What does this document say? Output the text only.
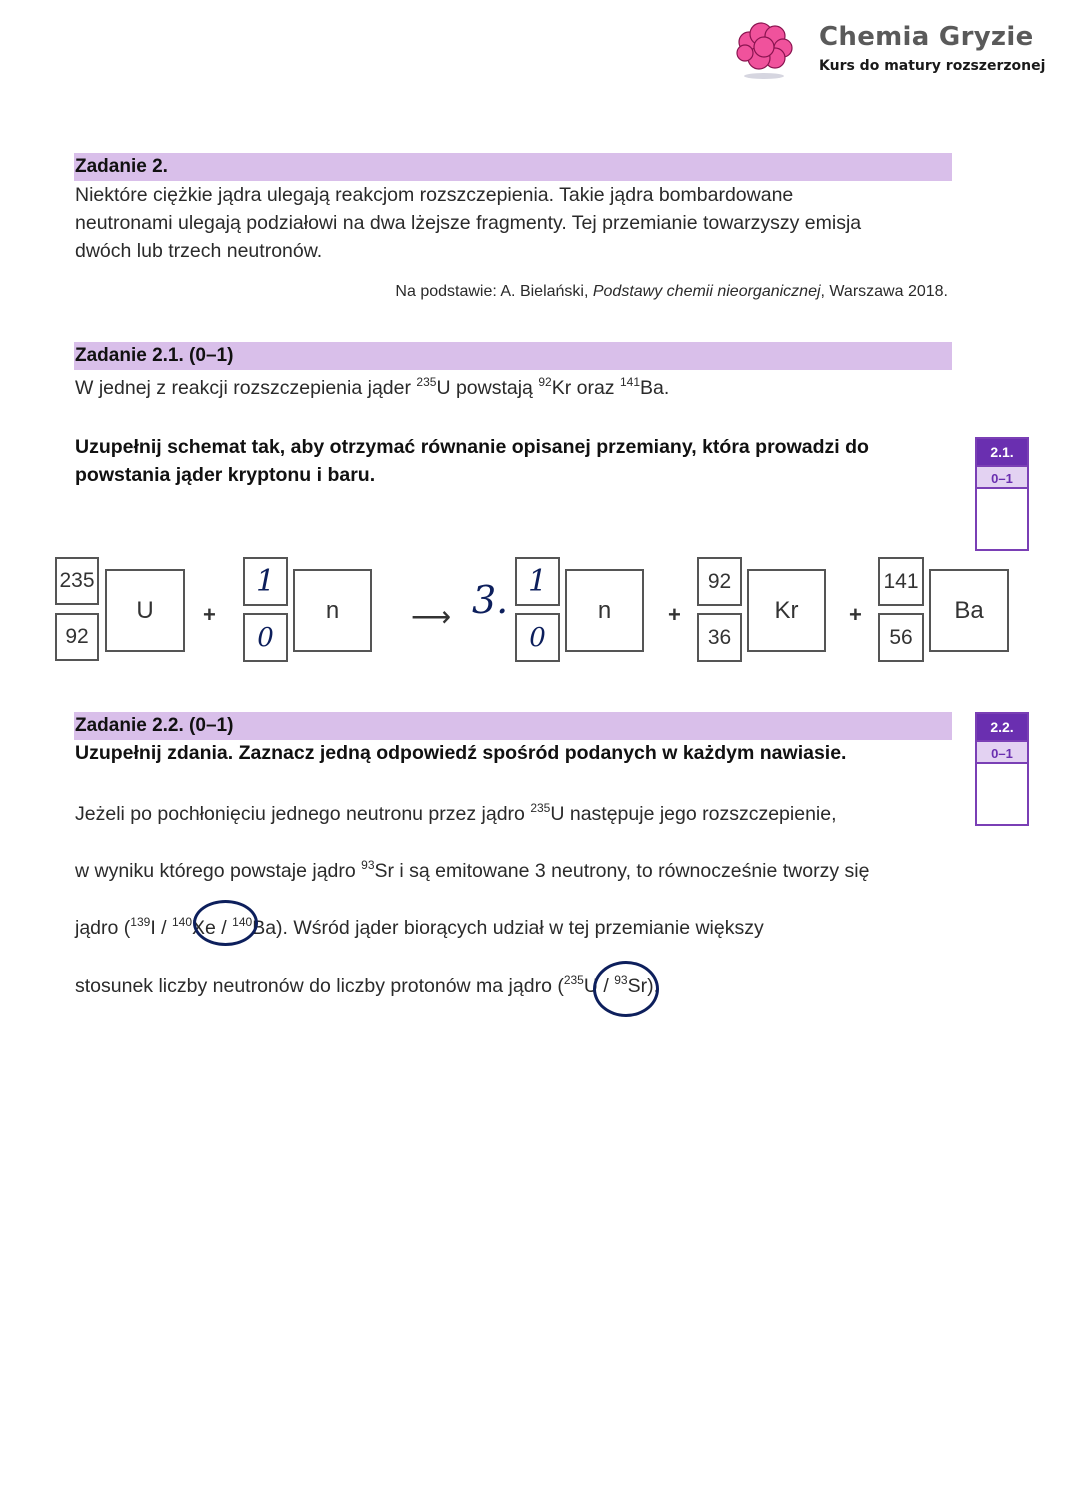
Chemia Gryzie
Kurs do matury rozszerzonej
Zadanie 2.
Niektóre ciężkie jądra ulegają reakcjom rozszczepienia. Takie jądra bombardowane
neutronami ulegają podziałowi na dwa lżejsze fragmenty. Tej przemianie towarzyszy emisja
dwóch lub trzech neutronów.
Na podstawie: A. Bielański, Podstawy chemii nieorganicznej, Warszawa 2018.
Zadanie 2.1. (0–1)
W jednej z reakcji rozszczepienia jąder $^{235}$U powstają $^{92}$Kr oraz $^{141}$Ba.
Uzupełnij schemat tak, aby otrzymać równanie opisanej przemiany, która prowadzi do
powstania jąder kryptonu i baru.
2.1.
0–1
235
92
U	+
1
0
n	⟶ 3. 1
0
n	+
92
36
Kr	+
141
56
Ba
Zadanie 2.2. (0–1)
Uzupełnij zdania. Zaznacz jedną odpowiedź spośród podanych w każdym nawiasie.
2.2.
0–1
Jeżeli po pochłonięciu jednego neutronu przez jądro $^{235}$U następuje jego rozszczepienie,
w wyniku którego powstaje jądro $^{93}$Sr i są emitowane 3 neutrony, to równocześnie tworzy się
jądro ($^{139}$I / $^{140}$Xe / $^{140}$Ba). Wśród jąder biorących udział w tej przemianie większy
stosunek liczby neutronów do liczby protonów ma jądro ($^{235}$U / $^{93}$Sr).
